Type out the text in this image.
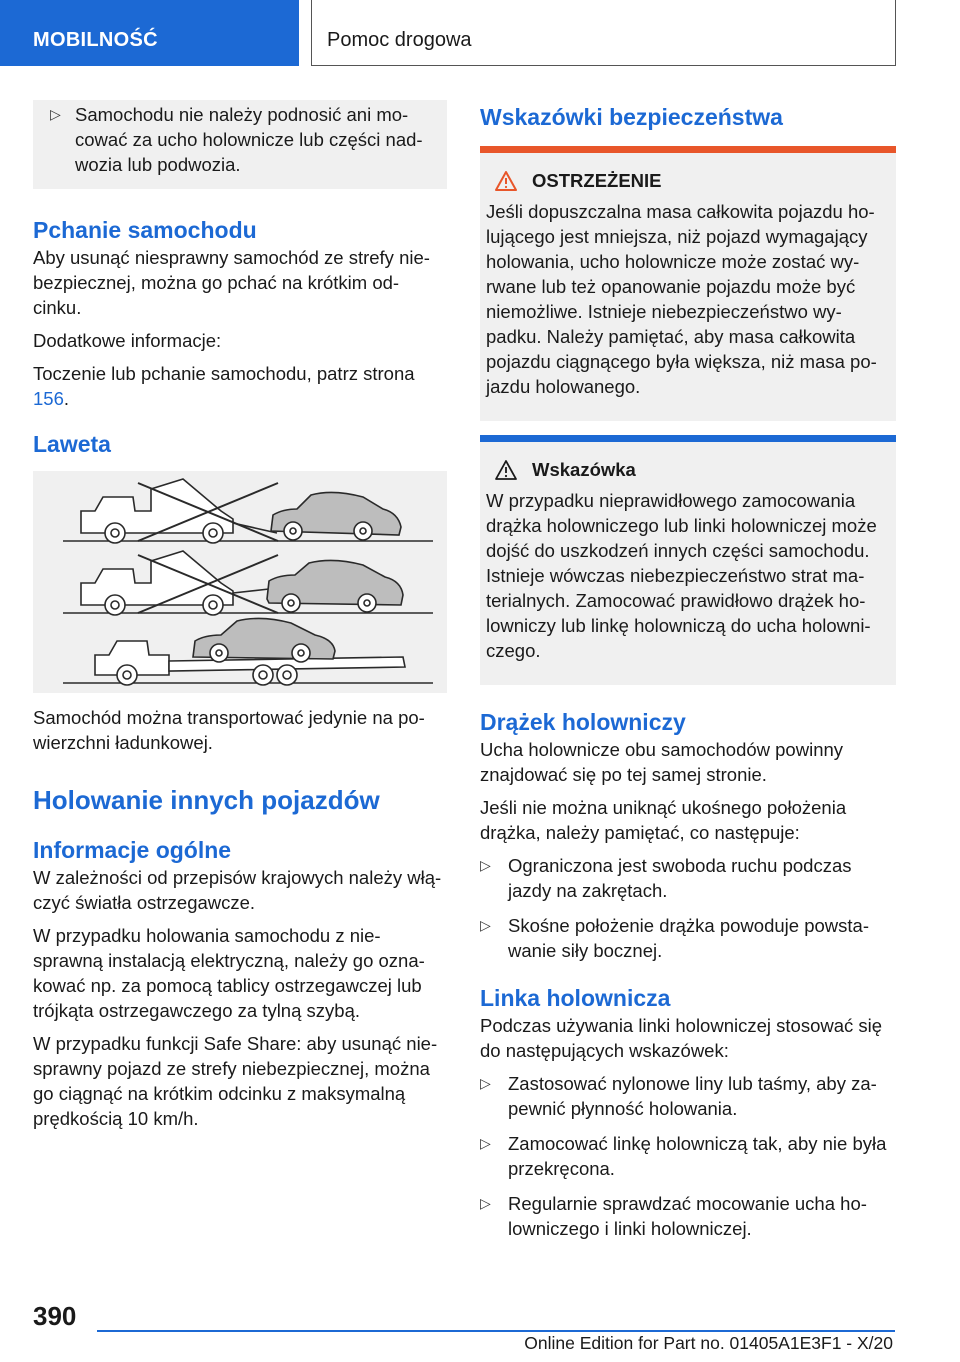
MOBILNOŚĆ	Pomoc drogowa
▷ Samochodu nie należy podnosić ani mo- cować za ucho holownicze lub części nad- wozia lub podwozia.
Pchanie samochodu

Aby usunąć niesprawny samochód ze strefy nie- bezpiecznej, można go pchać na krótkim od- cinku.

Dodatkowe informacje:

Toczenie lub pchanie samochodu, patrz strona 156.

Laweta

Samochód można transportować jedynie na po- wierzchni ładunkowej.

Holowanie innych pojazdów
Informacje ogólne

W zależności od przepisów krajowych należy włą- czyć światła ostrzegawcze.

W przypadku holowania samochodu z nie- sprawną instalacją elektryczną, należy go ozna- kować np. za pomocą tablicy ostrzegawczej lub trójkąta ostrzegawczego za tylną szybą.

W przypadku funkcji Safe Share: aby usunąć nie- sprawny pojazd ze strefy niebezpiecznej, można go ciągnąć na krótkim odcinku z maksymalną prędkością 10 km/h.

Wskazówki bezpieczeństwa
OSTRZEŻENIE
Jeśli dopuszczalna masa całkowita pojazdu ho- lującego jest mniejsza, niż pojazd wymagający holowania, ucho holownicze może zostać wy- rwane lub też opanowanie pojazdu może być niemożliwe. Istnieje niebezpieczeństwo wy- padku. Należy pamiętać, aby masa całkowita pojazdu ciągnącego była większa, niż masa po- jazdu holowanego.
Wskazówka
W przypadku nieprawidłowego zamocowania drążka holowniczego lub linki holowniczej może dojść do uszkodzeń innych części samochodu. Istnieje wówczas niebezpieczeństwo strat ma- terialnych. Zamocować prawidłowo drążek ho- lowniczy lub linkę holowniczą do ucha holowni- czego.
Drążek holowniczy

Ucha holownicze obu samochodów powinny znajdować się po tej samej stronie.

Jeśli nie można uniknąć ukośnego położenia drążka, należy pamiętać, co następuje:

▷ Ograniczona jest swoboda ruchu podczas jazdy na zakrętach.
▷ Skośne położenie drążka powoduje powsta- wanie siły bocznej.
Linka holownicza

Podczas używania linki holowniczej stosować się do następujących wskazówek:

▷ Zastosować nylonowe liny lub taśmy, aby za- pewnić płynność holowania.
▷ Zamocować linkę holowniczą tak, aby nie była przekręcona.
▷ Regularnie sprawdzać mocowanie ucha ho- lowniczego i linki holowniczej.
390
Online Edition for Part no. 01405A1E3F1 - X/20
